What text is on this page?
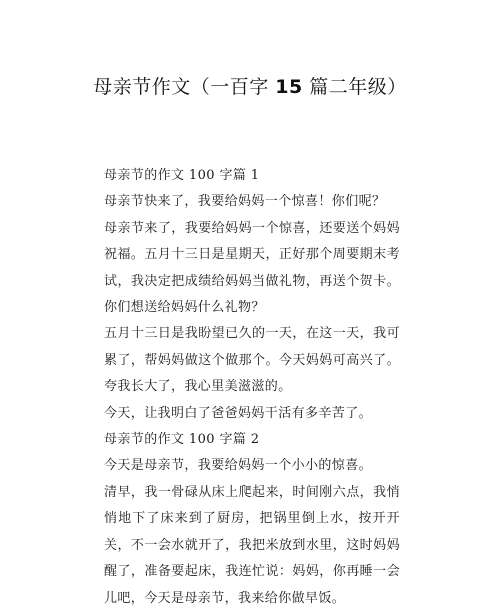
母亲节作文（一百字 15 篇二年级）

母亲节的作文 100 字篇 1

母亲节快来了，我要给妈妈一个惊喜！你们呢？

母亲节来了，我要给妈妈一个惊喜，还要送个妈妈祝福。五月十三日是星期天，正好那个周要期末考试，我决定把成绩给妈妈当做礼物，再送个贺卡。你们想送给妈妈什么礼物？

五月十三日是我盼望已久的一天，在这一天，我可累了，帮妈妈做这个做那个。今天妈妈可高兴了。夸我长大了，我心里美滋滋的。

今天，让我明白了爸爸妈妈干活有多辛苦了。

母亲节的作文 100 字篇 2

今天是母亲节，我要给妈妈一个小小的惊喜。

清早，我一骨碌从床上爬起来，时间刚六点，我悄悄地下了床来到了厨房，把锅里倒上水，按开开关，不一会水就开了，我把米放到水里，这时妈妈醒了，准备要起床，我连忙说：妈妈，你再睡一会儿吧，今天是母亲节，我来给你做早饭。
